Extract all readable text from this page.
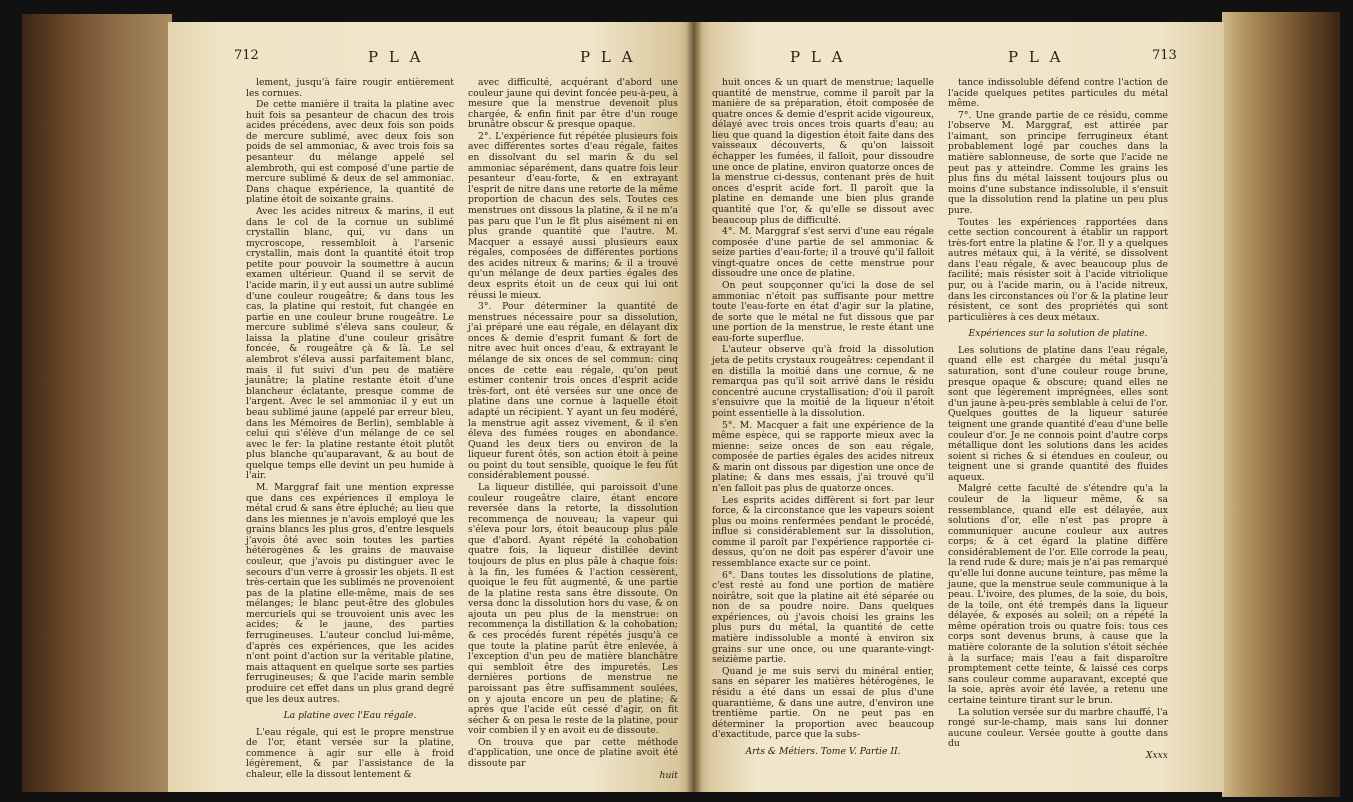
712	P L A	P L A	P L A	P L A	713

lement, jusqu'à faire rougir entièrement les cornues.

De cette manière il traita la platine avec huit fois sa pesanteur de chacun des trois acides précédens, avec deux fois son poids de mercure sublimé, avec deux fois son poids de sel ammoniac, & avec trois fois sa pesanteur du mélange appelé sel alembroth, qui est composé d'une partie de mercure sublimé & deux de sel ammoniac. Dans chaque expérience, la quantité de platine étoit de soixante grains.

Avec les acides nitreux & marins, il eut dans le col de la cornue un sublimé crystallin blanc, qui, vu dans un mycroscope, ressembloit à l'arsenic crystallin, mais dont la quantité étoit trop petite pour pouvoir la soumettre à aucun examen ultérieur. Quand il se servit de l'acide marin, il y eut aussi un autre sublimé d'une couleur rougeâtre; & dans tous les cas, la platine qui restoit, fut changée en partie en une couleur brune rougeâtre. Le mercure sublimé s'éleva sans couleur, & laissa la platine d'une couleur grisâtre foncée, & rougeâtre çà & là. Le sel alembrot s'éleva aussi parfaitement blanc, mais il fut suivi d'un peu de matière jaunâtre; la platine restante étoit d'une blancheur éclatante, presque comme de l'argent. Avec le sel ammoniac il y eut un beau sublimé jaune (appelé par erreur bleu, dans les Mémoires de Berlin), semblable à celui qui s'élève d'un mélange de ce sel avec le fer: la platine restante étoit plutôt plus blanche qu'auparavant, & au bout de quelque temps elle devint un peu humide à l'air.

M. Marggraf fait une mention expresse que dans ces expériences il employa le métal crud & sans être épluché; au lieu que dans les miennes je n'avois employé que les grains blancs les plus gros, d'entre lesquels j'avois ôté avec soin toutes les parties hétérogènes & les grains de mauvaise couleur, que j'avois pu distinguer avec le secours d'un verre à grossir les objets. Il est très-certain que les sublimés ne provenoient pas de la platine elle-même, mais de ses mélanges; le blanc peut-être des globules mercuriels qui se trouvoient unis avec les acides; & le jaune, des parties ferrugineuses. L'auteur conclud lui-même, d'après ces expériences, que les acides n'ont point d'action sur la véritable platine, mais attaquent en quelque sorte ses parties ferrugineuses; & que l'acide marin semble produire cet effet dans un plus grand degré que les deux autres.

La platine avec l'Eau régale.

L'eau régale, qui est le propre menstrue de l'or, étant versée sur la platine, commence à agir sur elle à froid légèrement, & par l'assistance de la chaleur, elle la dissout lentement &

avec difficulté, acquérant d'abord une couleur jaune qui devint foncée peu-à-peu, à mesure que la menstrue devenoit plus chargée, & enfin finit par être d'un rouge brunâtre obscur & presque opaque.

2°. L'expérience fut répétée plusieurs fois avec différentes sortes d'eau régale, faites en dissolvant du sel marin & du sel ammoniac séparément, dans quatre fois leur pesanteur d'eau-forte, & en extrayant l'esprit de nitre dans une retorte de la même proportion de chacun des sels. Toutes ces menstrues ont dissous la platine, & il ne m'a pas paru que l'un le fît plus aisément ni en plus grande quantité que l'autre. M. Macquer a essayé aussi plusieurs eaux régales, composées de différentes portions des acides nitreux & marins; & il a trouvé qu'un mélange de deux parties égales des deux esprits étoit un de ceux qui lui ont réussi le mieux.

3°. Pour déterminer la quantité de menstrues nécessaire pour sa dissolution, j'ai préparé une eau régale, en délayant dix onces & demie d'esprit fumant & fort de nitre avec huit onces d'eau, & extrayant le mélange de six onces de sel commun: cinq onces de cette eau régale, qu'on peut estimer contenir trois onces d'esprit acide très-fort, ont été versées sur une once de platine dans une cornue à laquelle étoit adapté un récipient. Y ayant un feu modéré, la menstrue agit assez vivement, & il s'en éleva des fumées rouges en abondance. Quand les deux tiers ou environ de la liqueur furent ôtés, son action étoit à peine ou point du tout sensible, quoique le feu fût considérablement poussé.

La liqueur distillée, qui paroissoit d'une couleur rougeâtre claire, étant encore reversée dans la retorte, la dissolution recommença de nouveau; la vapeur qui s'éleva pour lors, étoit beaucoup plus pâle que d'abord. Ayant répété la cohobation quatre fois, la liqueur distillée devint toujours de plus en plus pâle à chaque fois: à la fin, les fumées & l'action cessèrent, quoique le feu fût augmenté, & une partie de la platine resta sans être dissoute. On versa donc la dissolution hors du vase, & on ajouta un peu plus de la menstrue: on recommença la distillation & la cohobation; & ces procédés furent répétés jusqu'à ce que toute la platine parût être enlevée, à l'exception d'un peu de matière blanchâtre qui sembloit être des impuretés. Les dernières portions de menstrue ne paroissant pas être suffisamment soulées, on y ajouta encore un peu de platine; & après que l'acide eût cessé d'agir, on fit sécher & on pesa le reste de la platine, pour voir combien il y en avoit eu de dissoute.

On trouva que par cette méthode d'application, une once de platine avoit été dissoute par

huit

huit onces & un quart de menstrue; laquelle quantité de menstrue, comme il paroît par la manière de sa préparation, étoit composée de quatre onces & demie d'esprit acide vigoureux, délayé avec trois onces trois quarts d'eau; au lieu que quand la digestion étoit faite dans des vaisseaux découverts, & qu'on laissoit échapper les fumées, il falloit, pour dissoudre une once de platine, environ quatorze onces de la menstrue ci-dessus, contenant près de huit onces d'esprit acide fort. Il paroît que la platine en demande une bien plus grande quantité que l'or, & qu'elle se dissout avec beaucoup plus de difficulté.

4°. M. Marggraf s'est servi d'une eau régale composée d'une partie de sel ammoniac & seize parties d'eau-forte; il a trouvé qu'il falloit vingt-quatre onces de cette menstrue pour dissoudre une once de platine.

On peut soupçonner qu'ici la dose de sel ammoniac n'étoit pas suffisante pour mettre toute l'eau-forte en état d'agir sur la platine, de sorte que le métal ne fut dissous que par une portion de la menstrue, le reste étant une eau-forte superflue.

L'auteur observe qu'à froid la dissolution jeta de petits crystaux rougeâtres: cependant il en distilla la moitié dans une cornue, & ne remarqua pas qu'il soit arrivé dans le résidu concentré aucune crystallisation; d'où il paroît s'ensuivre que la moitié de la liqueur n'étoit point essentielle à la dissolution.

5°. M. Macquer a fait une expérience de la même espèce, qui se rapporte mieux avec la mienne: seize onces de son eau régale, composée de parties égales des acides nitreux & marin ont dissous par digestion une once de platine; & dans mes essais, j'ai trouvé qu'il n'en falloit pas plus de quatorze onces.

Les esprits acides diffèrent si fort par leur force, & la circonstance que les vapeurs soient plus ou moins renfermées pendant le procédé, influe si considérablement sur la dissolution, comme il paroît par l'expérience rapportée ci-dessus, qu'on ne doit pas espérer d'avoir une ressemblance exacte sur ce point.

6°. Dans toutes les dissolutions de platine, c'est resté au fond une portion de matière noirâtre, soit que la platine ait été séparée ou non de sa poudre noire. Dans quelques expériences, où j'avois choisi les grains les plus purs du métal, la quantité de cette matière indissoluble a monté à environ six grains sur une once, ou une quarante-vingt-seizième partie.

Quand je me suis servi du minéral entier, sans en séparer les matières hétérogènes, le résidu a été dans un essai de plus d'une quarantième, & dans une autre, d'environ une trentième partie. On ne peut pas en déterminer la proportion avec beaucoup d'exactitude, parce que la subs-

Arts & Métiers. Tome V. Partie II.

tance indissoluble défend contre l'action de l'acide quelques petites particules du métal même.

7°. Une grande partie de ce résidu, comme l'observe M. Marggraf, est attirée par l'aimant, son principe ferrugineux étant probablement logé par couches dans la matière sablonneuse, de sorte que l'acide ne peut pas y atteindre. Comme les grains les plus fins du métal laissent toujours plus ou moins d'une substance indissoluble, il s'ensuit que la dissolution rend la platine un peu plus pure.

Toutes les expériences rapportées dans cette section concourent à établir un rapport très-fort entre la platine & l'or. Il y a quelques autres métaux qui, à la vérité, se dissolvent dans l'eau régale, & avec beaucoup plus de facilité; mais résister soit à l'acide vitriolique pur, ou à l'acide marin, ou à l'acide nitreux, dans les circonstances où l'or & la platine leur résistent, ce sont des propriétés qui sont particulières à ces deux métaux.

Expériences sur la solution de platine.

Les solutions de platine dans l'eau régale, quand elle est chargée du métal jusqu'à saturation, sont d'une couleur rouge brune, presque opaque & obscure; quand elles ne sont que légèrement imprégnées, elles sont d'un jaune à-peu-près semblable à celui de l'or. Quelques gouttes de la liqueur saturée teignent une grande quantité d'eau d'une belle couleur d'or. Je ne connois point d'autre corps métallique dont les solutions dans les acides soient si riches & si étendues en couleur, ou teignent une si grande quantité des fluides aqueux.

Malgré cette faculté de s'étendre qu'a la couleur de la liqueur même, & sa ressemblance, quand elle est délayée, aux solutions d'or, elle n'est pas propre à communiquer aucune couleur aux autres corps; & à cet égard la platine diffère considérablement de l'or. Elle corrode la peau, la rend rude & dure; mais je n'ai pas remarqué qu'elle lui donne aucune teinture, pas même la jaune, que la menstrue seule communique à la peau. L'ivoire, des plumes, de la soie, du bois, de la toile, ont été trempés dans la liqueur délayée, & exposés au soleil; on a répété la même opération trois ou quatre fois: tous ces corps sont devenus bruns, à cause que la matière colorante de la solution s'étoit séchée à la surface; mais l'eau a fait disparoître promptement cette teinte, & laissé ces corps sans couleur comme auparavant, excepté que la soie, après avoir été lavée, a retenu une certaine teinture tirant sur le brun.

La solution versée sur du marbre chauffé, l'a rongé sur-le-champ, mais sans lui donner aucune couleur. Versée goutte à goutte dans du

Xxxx
